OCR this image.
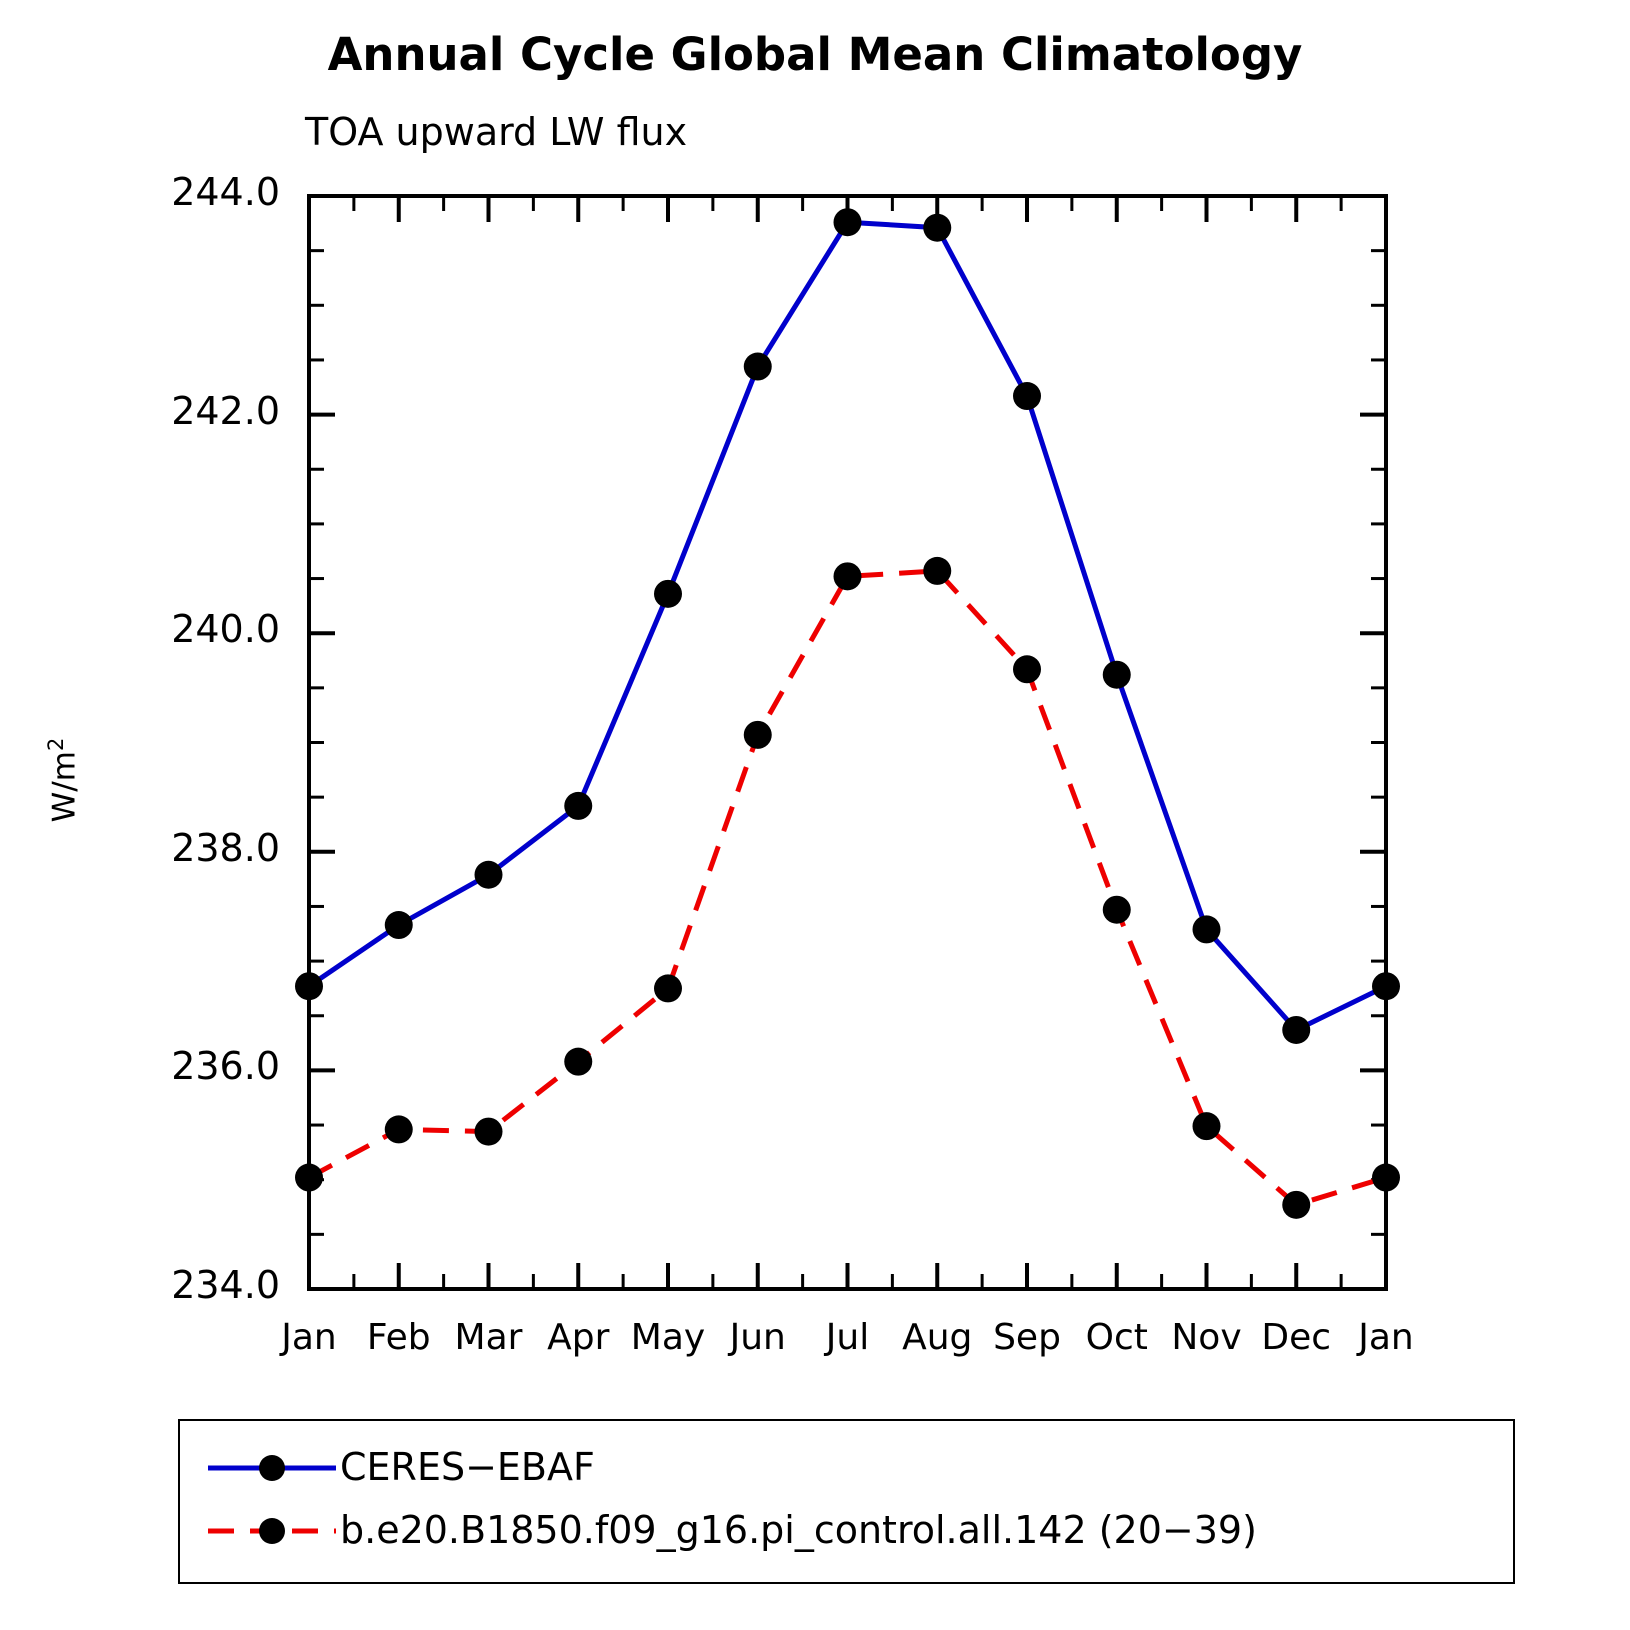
Annual Cycle Global Mean Climatology
TOA upward LW flux
$W/m^2$
234.0
236.0
238.0
240.0
242.0
244.0
Jan Feb Mar Apr May Jun	Jul Aug Sep Oct Nov Dec Jan
CERES−EBAF
b.e20.B1850.f09_g16.pi_control.all.142 (20−39)
